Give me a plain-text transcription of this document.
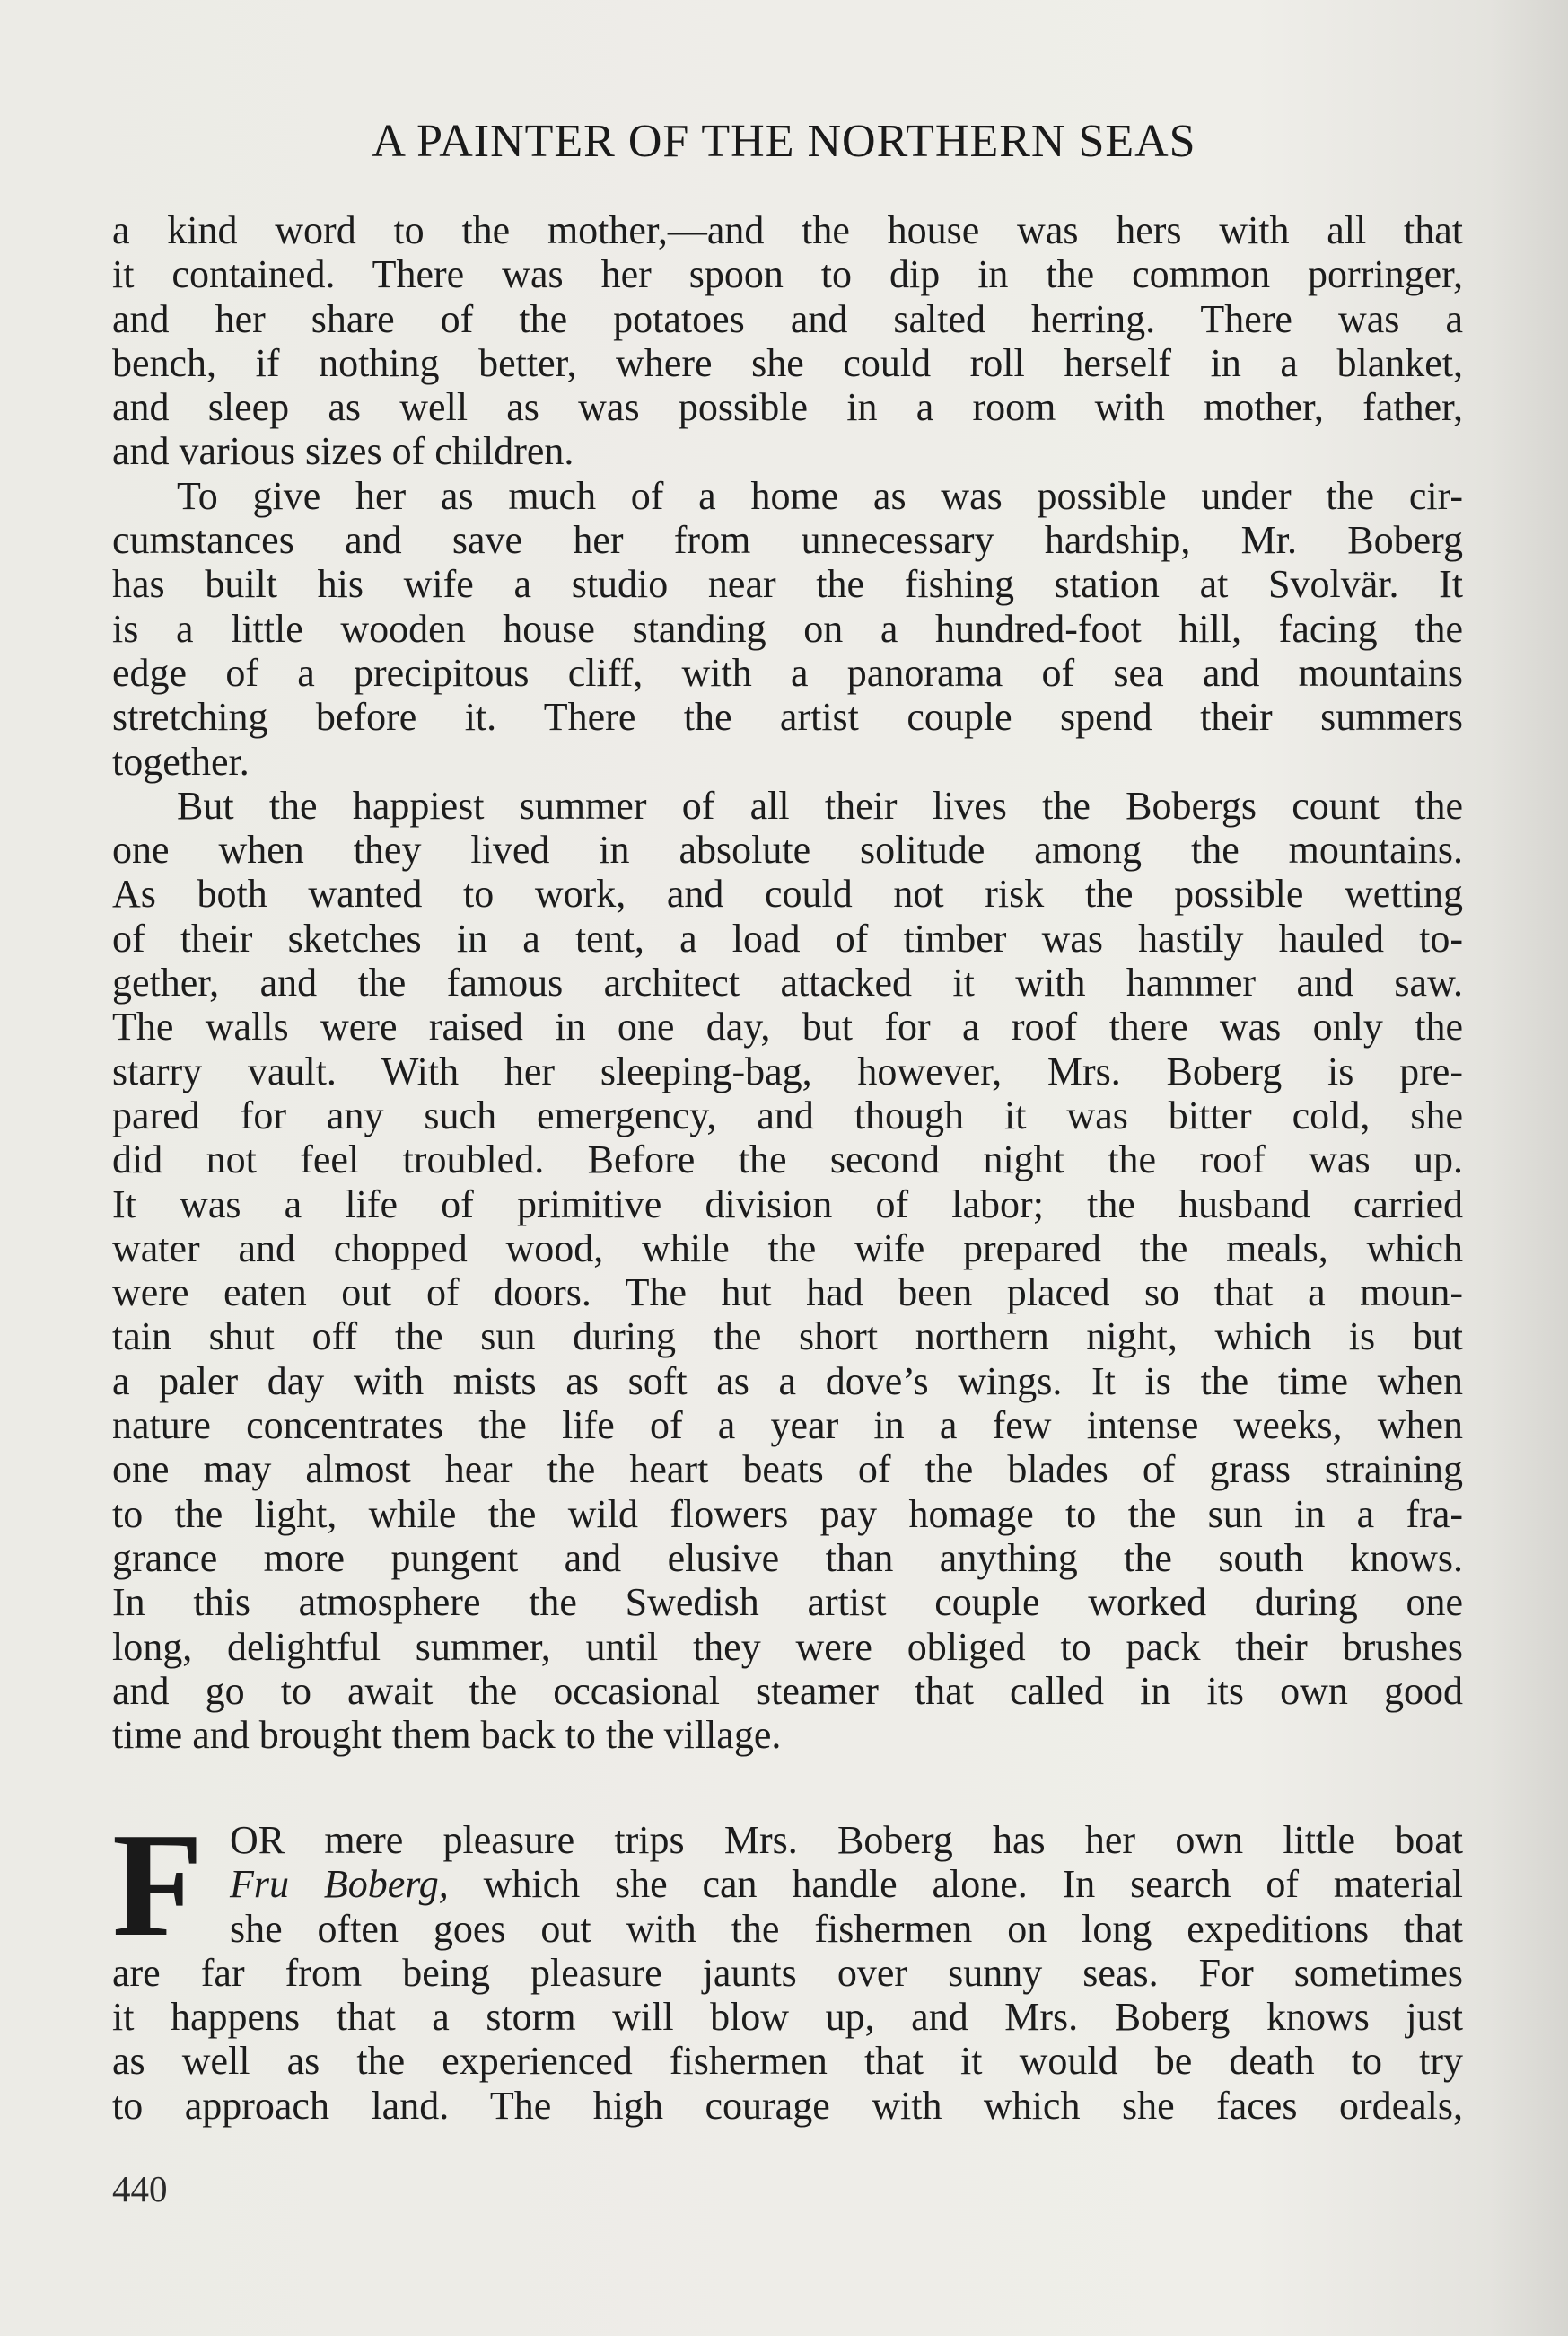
A PAINTER OF THE NORTHERN SEAS
a kind word to the mother,—and the house was hers with all that
it contained. There was her spoon to dip in the common porringer,
and her share of the potatoes and salted herring. There was a
bench, if nothing better, where she could roll herself in a blanket,
and sleep as well as was possible in a room with mother, father,
and various sizes of children.
To give her as much of a home as was possible under the cir-
cumstances and save her from unnecessary hardship, Mr. Boberg
has built his wife a studio near the fishing station at Svolvär. It
is a little wooden house standing on a hundred-foot hill, facing the
edge of a precipitous cliff, with a panorama of sea and mountains
stretching before it. There the artist couple spend their summers
together.
But the happiest summer of all their lives the Bobergs count the
one when they lived in absolute solitude among the mountains.
As both wanted to work, and could not risk the possible wetting
of their sketches in a tent, a load of timber was hastily hauled to-
gether, and the famous architect attacked it with hammer and saw.
The walls were raised in one day, but for a roof there was only the
starry vault. With her sleeping-bag, however, Mrs. Boberg is pre-
pared for any such emergency, and though it was bitter cold, she
did not feel troubled. Before the second night the roof was up.
It was a life of primitive division of labor; the husband carried
water and chopped wood, while the wife prepared the meals, which
were eaten out of doors. The hut had been placed so that a moun-
tain shut off the sun during the short northern night, which is but
a paler day with mists as soft as a dove’s wings. It is the time when
nature concentrates the life of a year in a few intense weeks, when
one may almost hear the heart beats of the blades of grass straining
to the light, while the wild flowers pay homage to the sun in a fra-
grance more pungent and elusive than anything the south knows.
In this atmosphere the Swedish artist couple worked during one
long, delightful summer, until they were obliged to pack their brushes
and go to await the occasional steamer that called in its own good
time and brought them back to the village.
F OR mere pleasure trips Mrs. Boberg has her own little boat
Fru Boberg, which she can handle alone. In search of material
she often goes out with the fishermen on long expeditions that
are far from being pleasure jaunts over sunny seas. For sometimes
it happens that a storm will blow up, and Mrs. Boberg knows just
as well as the experienced fishermen that it would be death to try
to approach land. The high courage with which she faces ordeals,
440
